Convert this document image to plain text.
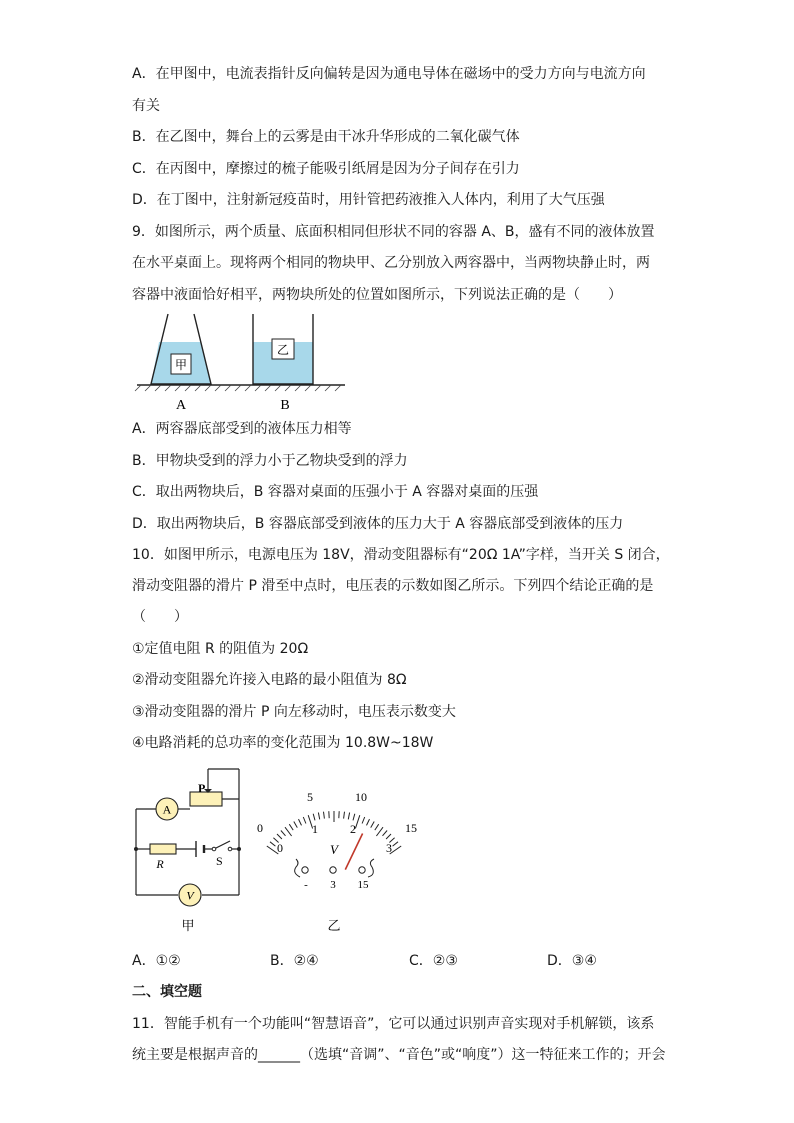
A．在甲图中，电流表指针反向偏转是因为通电导体在磁场中的受力方向与电流方向
有关
B．在乙图中，舞台上的云雾是由干冰升华形成的二氧化碳气体
C．在丙图中，摩擦过的梳子能吸引纸屑是因为分子间存在引力
D．在丁图中，注射新冠疫苗时，用针管把药液推入人体内，利用了大气压强
9．如图所示，两个质量、底面积相同但形状不同的容器 A、B，盛有不同的液体放置
在水平桌面上。现将两个相同的物块甲、乙分别放入两容器中，当两物块静止时，两
容器中液面恰好相平，两物块所处的位置如图所示，下列说法正确的是（　　）
甲
乙
A	B
A．两容器底部受到的液体压力相等
B．甲物块受到的浮力小于乙物块受到的浮力
C．取出两物块后，B 容器对桌面的压强小于 A 容器对桌面的压强
D．取出两物块后，B 容器底部受到液体的压力大于 A 容器底部受到液体的压力
10．如图甲所示，电源电压为 18V，滑动变阻器标有“20Ω 1A”字样，当开关 S 闭合，
滑动变阻器的滑片 P 滑至中点时，电压表的示数如图乙所示。下列四个结论正确的是
（　　）
①定值电阻 R 的阻值为 20Ω
②滑动变阻器允许接入电路的最小阻值为 8Ω
③滑动变阻器的滑片 P 向左移动时，电压表示数变大
④电路消耗的总功率的变化范围为 10.8W~18W
A
R
P
S
V
甲
0
5	10
15
0
1	2
3
V
- 3 15
乙
A．①②	B．②④	C．②③	D．③④
二、填空题
11．智能手机有一个功能叫“智慧语音”，它可以通过识别声音实现对手机解锁，该系
统主要是根据声音的______（选填“音调”、“音色”或“响度”）这一特征来工作的；开会
